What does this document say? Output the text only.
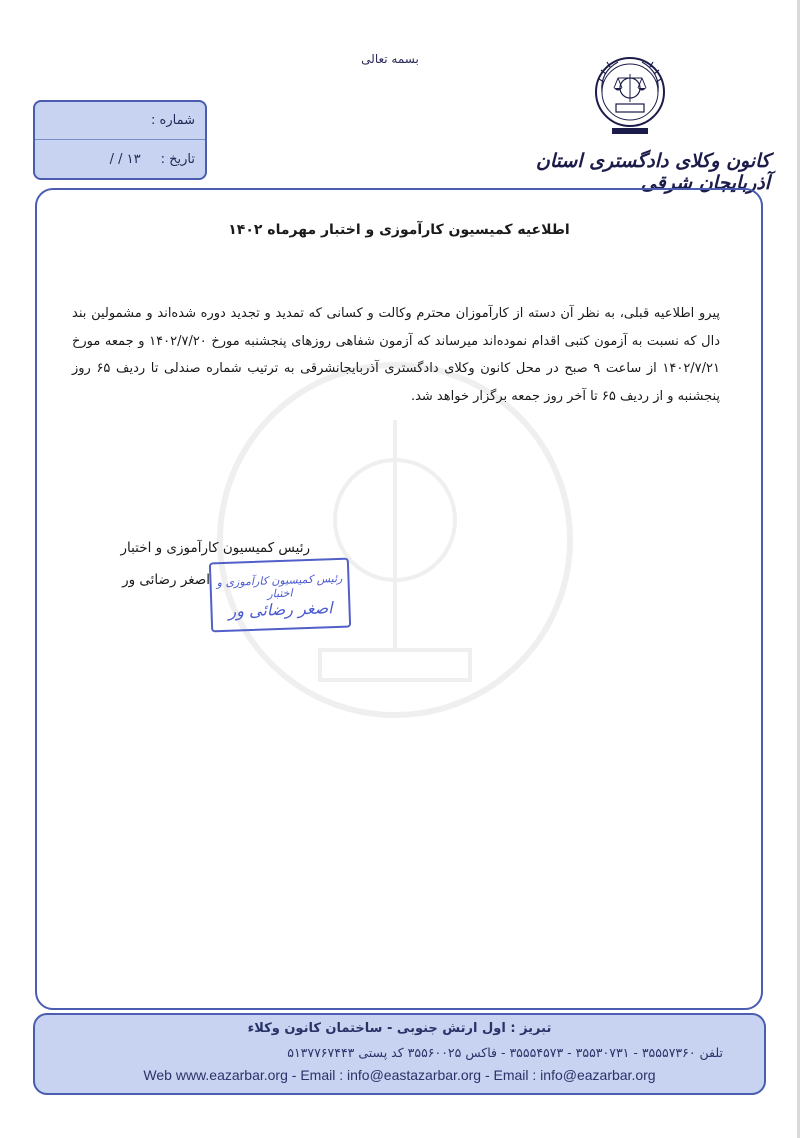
بسمه تعالی
کانون وکلای دادگستری استان آذربایجان شرقی
شماره :
تاریخ :
/ / ۱۳
اطلاعیه کمیسیون کارآموزی و اختبار مهرماه ۱۴۰۲
پیرو اطلاعیه قبلی، به نظر آن دسته از کارآموزان محترم وکالت و کسانی که تمدید و تجدید دوره شده‌اند و مشمولین بند دال که نسبت به آزمون کتبی اقدام نموده‌اند میرساند که آزمون شفاهی روزهای پنجشنبه مورخ ۱۴۰۲/۷/۲۰ و جمعه مورخ ۱۴۰۲/۷/۲۱ از ساعت ۹ صبح در محل کانون وکلای دادگستری آذربایجانشرقی به ترتیب شماره صندلی تا ردیف ۶۵ روز پنجشنبه و از ردیف ۶۵ تا آخر روز جمعه برگزار خواهد شد.
رئیس کمیسیون کارآموزی و اختبار
اصغر رضائی ور رئیس کمیسیون کارآموزی و اختبار
اصغر رضائی ور
تبریز : اول ارتش جنوبی - ساختمان کانون وکلاء
تلفن ۳۵۵۵۷۳۶۰ - ۳۵۵۳۰۷۳۱ - ۳۵۵۵۴۵۷۳ - فاکس ۳۵۵۶۰۰۲۵ کد پستی ۵۱۳۷۷۶۷۴۴۳
Web www.eazarbar.org - Email : info@eastazarbar.org - Email : info@eazarbar.org
